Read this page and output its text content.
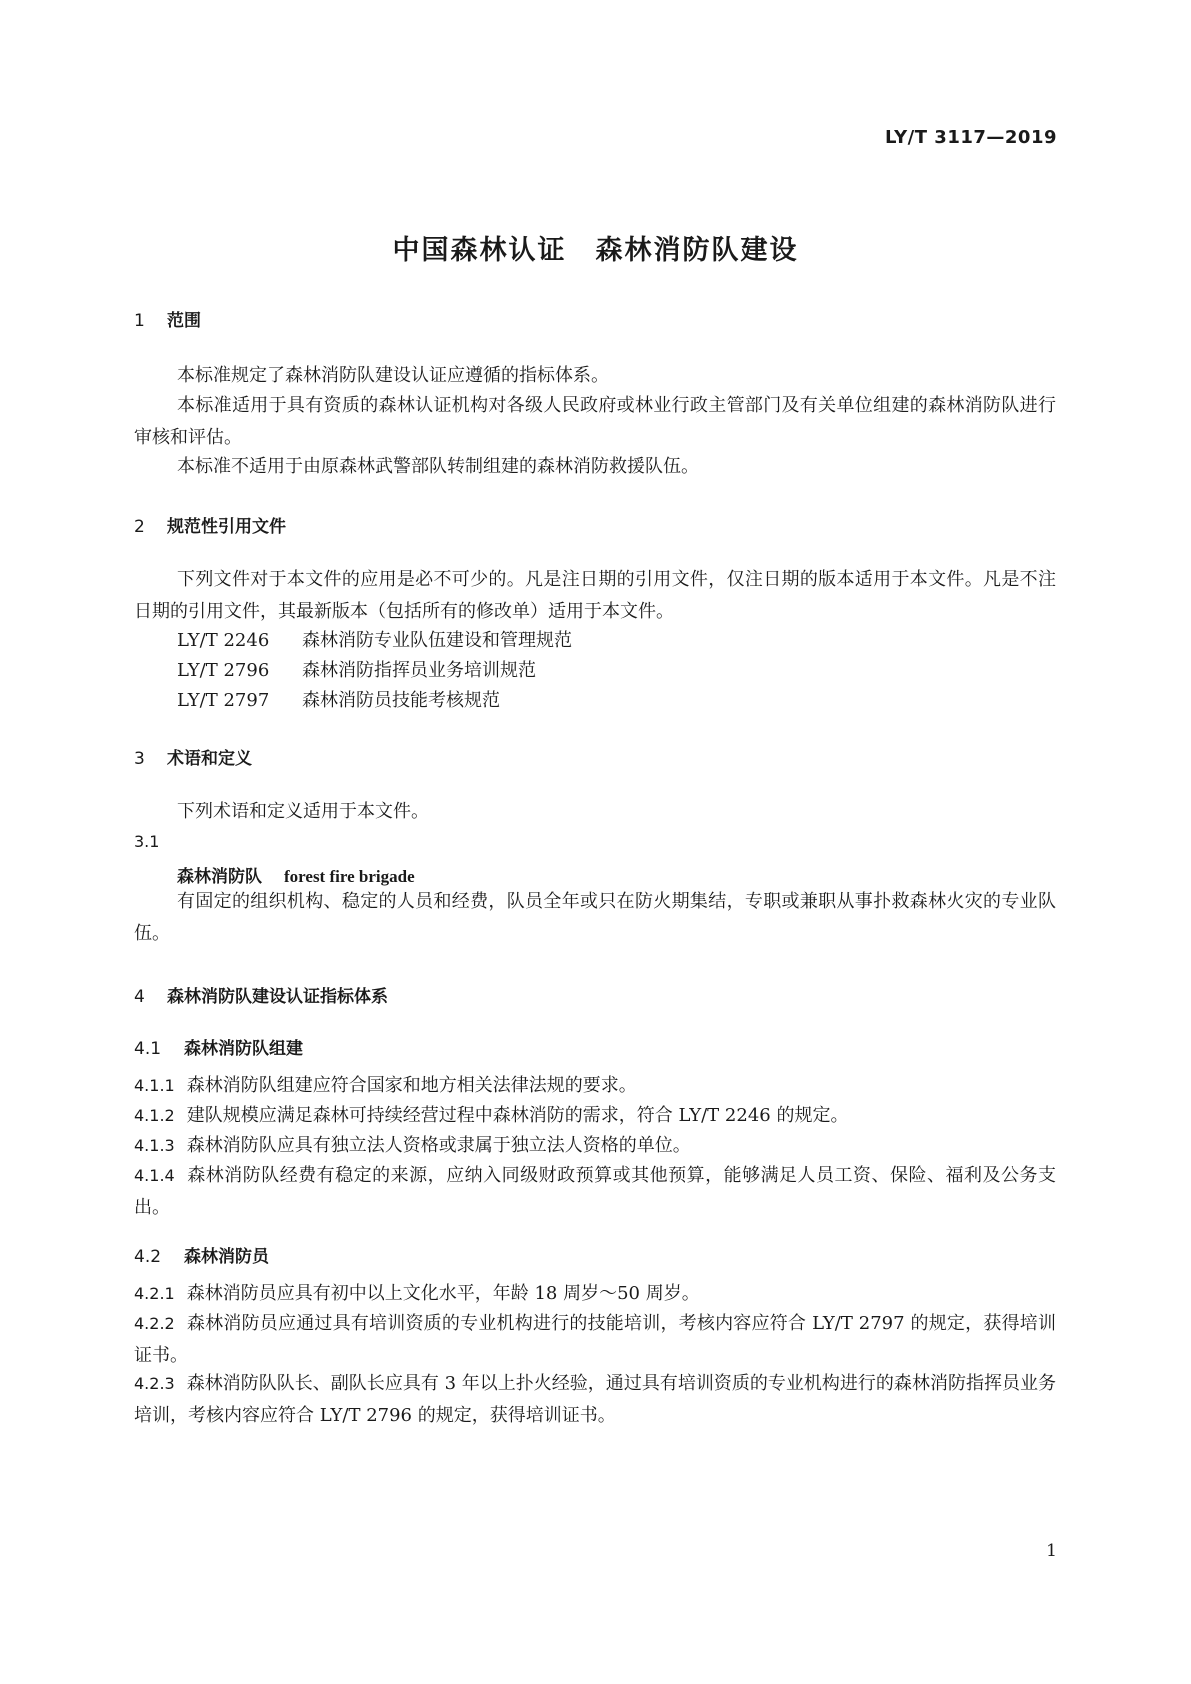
LY/T 3117—2019
中国森林认证　森林消防队建设
1 范围
本标准规定了森林消防队建设认证应遵循的指标体系。
本标准适用于具有资质的森林认证机构对各级人民政府或林业行政主管部门及有关单位组建的森林消防队进行审核和评估。
本标准不适用于由原森林武警部队转制组建的森林消防救援队伍。
2 规范性引用文件
下列文件对于本文件的应用是必不可少的。凡是注日期的引用文件，仅注日期的版本适用于本文件。凡是不注日期的引用文件，其最新版本（包括所有的修改单）适用于本文件。
LY/T 2246 森林消防专业队伍建设和管理规范
LY/T 2796 森林消防指挥员业务培训规范
LY/T 2797 森林消防员技能考核规范
3 术语和定义
下列术语和定义适用于本文件。
3.1
森林消防队 forest fire brigade
有固定的组织机构、稳定的人员和经费，队员全年或只在防火期集结，专职或兼职从事扑救森林火灾的专业队伍。
4 森林消防队建设认证指标体系
4.1 森林消防队组建
4.1.1 森林消防队组建应符合国家和地方相关法律法规的要求。
4.1.2 建队规模应满足森林可持续经营过程中森林消防的需求，符合 LY/T 2246 的规定。
4.1.3 森林消防队应具有独立法人资格或隶属于独立法人资格的单位。
4.1.4 森林消防队经费有稳定的来源，应纳入同级财政预算或其他预算，能够满足人员工资、保险、福利及公务支出。
4.2 森林消防员
4.2.1 森林消防员应具有初中以上文化水平，年龄 18 周岁～50 周岁。
4.2.2 森林消防员应通过具有培训资质的专业机构进行的技能培训，考核内容应符合 LY/T 2797 的规定，获得培训证书。
4.2.3 森林消防队队长、副队长应具有 3 年以上扑火经验，通过具有培训资质的专业机构进行的森林消防指挥员业务培训，考核内容应符合 LY/T 2796 的规定，获得培训证书。
1
